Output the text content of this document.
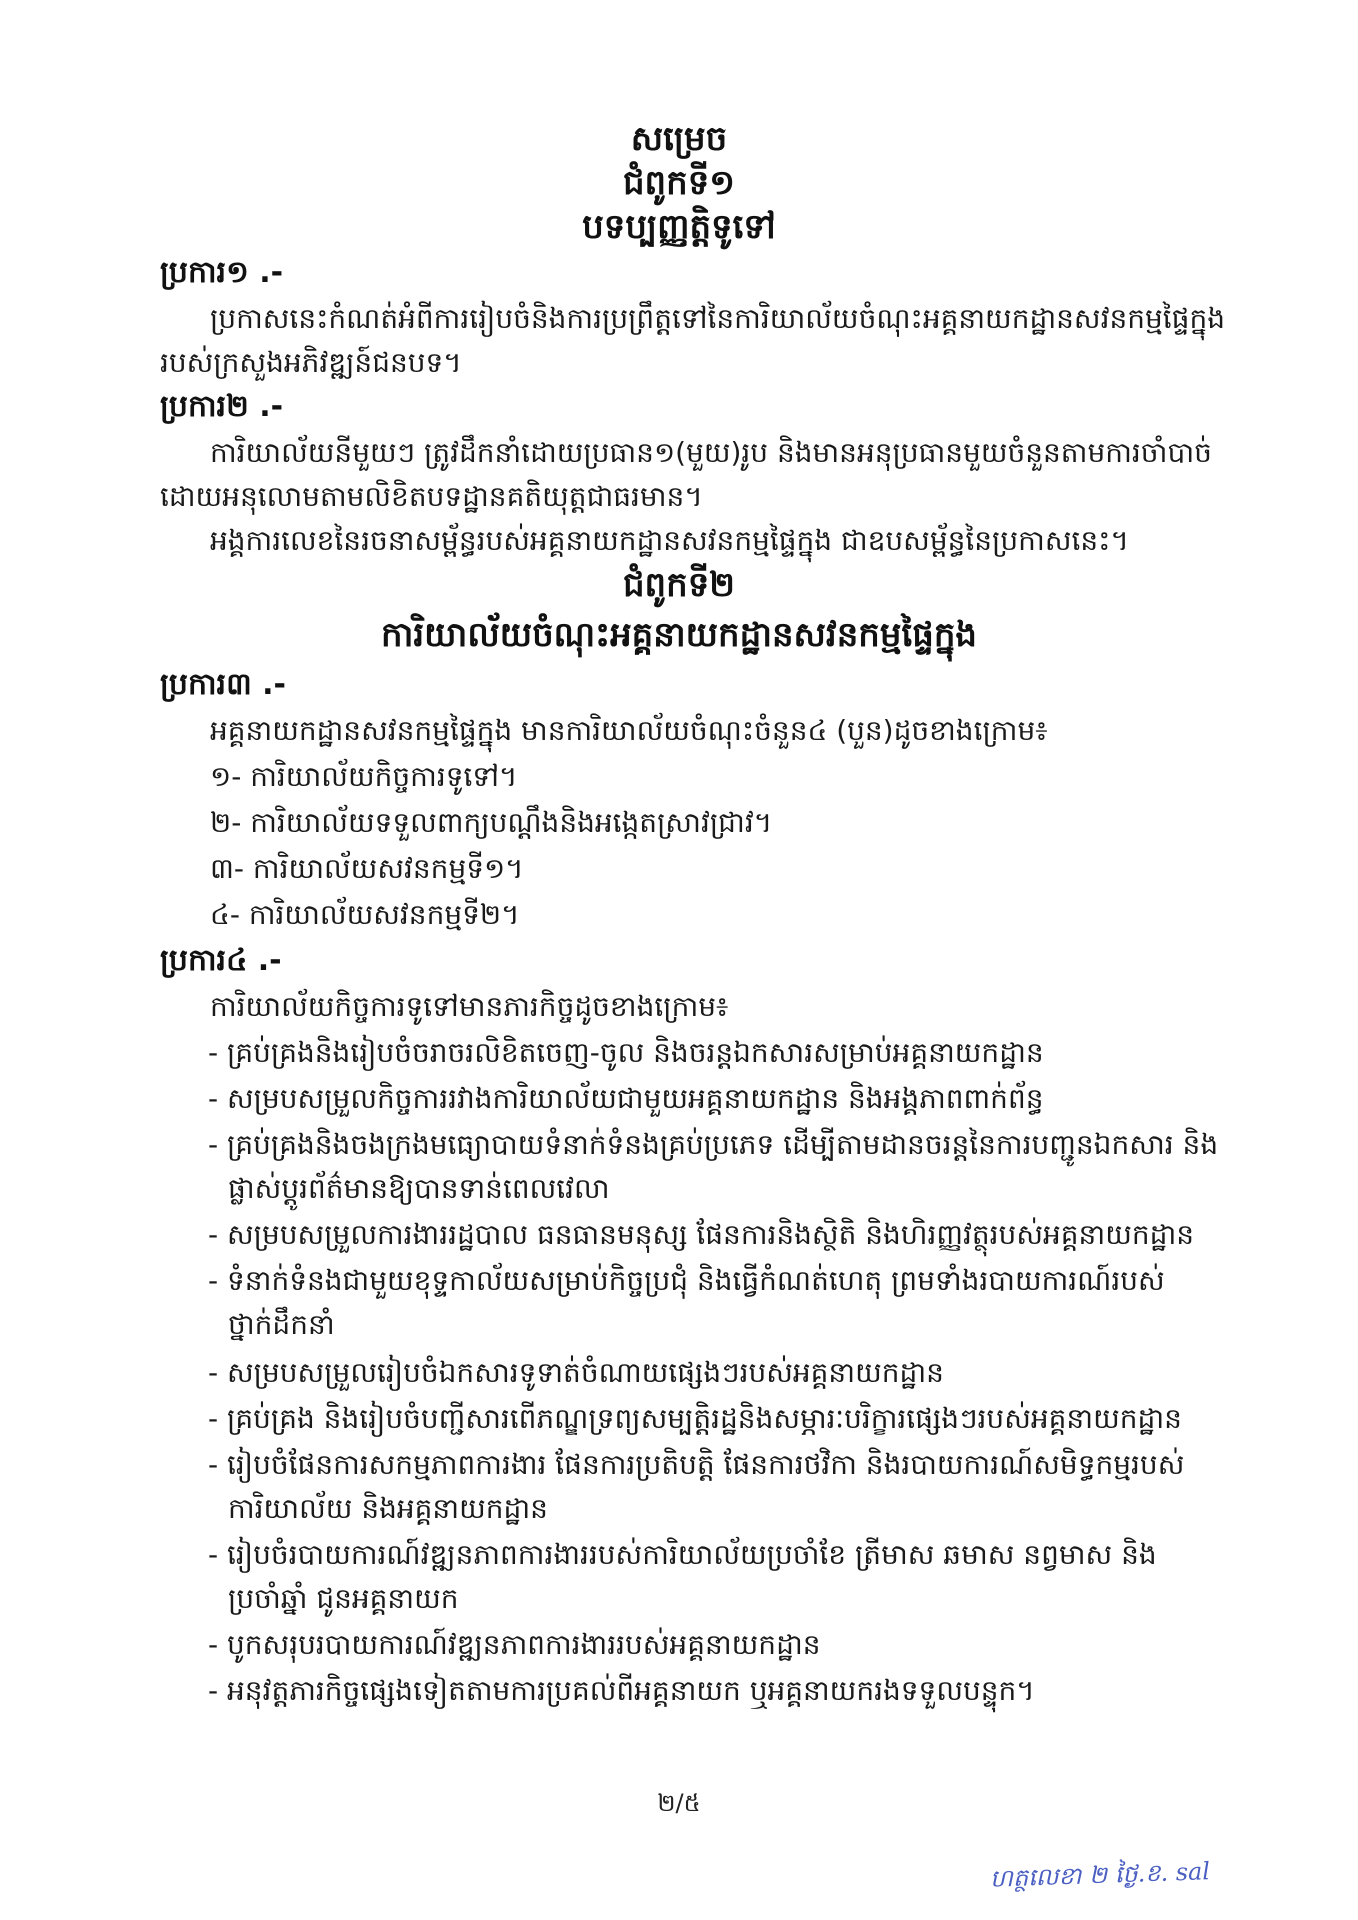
សម្រេច
ជំពូកទី១
បទប្បញ្ញត្តិទូទៅ
ប្រការ១ .-
ប្រកាសនេះកំណត់អំពីការរៀបចំនិងការប្រព្រឹត្តទៅនៃការិយាល័យចំណុះអគ្គនាយកដ្ឋានសវនកម្មផ្ទៃក្នុង
របស់ក្រសួងអភិវឌ្ឍន៍ជនបទ។
ប្រការ២ .-
ការិយាល័យនីមួយៗ ត្រូវដឹកនាំដោយប្រធាន១(មួយ)រូប និងមានអនុប្រធានមួយចំនួនតាមការចាំបាច់
ដោយអនុលោមតាមលិខិតបទដ្ឋានគតិយុត្តជាធរមាន។
អង្គការលេខនៃរចនាសម្ព័ន្ធរបស់អគ្គនាយកដ្ឋានសវនកម្មផ្ទៃក្នុង ជាឧបសម្ព័ន្ធនៃប្រកាសនេះ។
ជំពូកទី២
ការិយាល័យចំណុះអគ្គនាយកដ្ឋានសវនកម្មផ្ទៃក្នុង
ប្រការ៣ .-
អគ្គនាយកដ្ឋានសវនកម្មផ្ទៃក្នុង មានការិយាល័យចំណុះចំនួន៤ (បួន)ដូចខាងក្រោម៖
១- ការិយាល័យកិច្ចការទូទៅ។
២- ការិយាល័យទទួលពាក្យបណ្តឹងនិងអង្កេតស្រាវជ្រាវ។
៣- ការិយាល័យសវនកម្មទី១។
៤- ការិយាល័យសវនកម្មទី២។
ប្រការ៤ .-
ការិយាល័យកិច្ចការទូទៅមានភារកិច្ចដូចខាងក្រោម៖
- គ្រប់គ្រងនិងរៀបចំចរាចរលិខិតចេញ-ចូល និងចរន្តឯកសារសម្រាប់អគ្គនាយកដ្ឋាន
- សម្របសម្រួលកិច្ចការរវាងការិយាល័យជាមួយអគ្គនាយកដ្ឋាន និងអង្គភាពពាក់ព័ន្ធ
- គ្រប់គ្រងនិងចងក្រងមធ្យោបាយទំនាក់ទំនងគ្រប់ប្រភេទ ដើម្បីតាមដានចរន្តនៃការបញ្ជូនឯកសារ និង
ផ្លាស់ប្តូរព័ត៌មានឱ្យបានទាន់ពេលវេលា
- សម្របសម្រួលការងាររដ្ឋបាល ធនធានមនុស្ស ផែនការនិងស្ថិតិ និងហិរញ្ញវត្ថុរបស់អគ្គនាយកដ្ឋាន
- ទំនាក់ទំនងជាមួយខុទ្ទកាល័យសម្រាប់កិច្ចប្រជុំ និងធ្វើកំណត់ហេតុ ព្រមទាំងរបាយការណ៍របស់
ថ្នាក់ដឹកនាំ
- សម្របសម្រួលរៀបចំឯកសារទូទាត់ចំណាយផ្សេងៗរបស់អគ្គនាយកដ្ឋាន
- គ្រប់គ្រង និងរៀបចំបញ្ជីសារពើភណ្ឌទ្រព្យសម្បត្តិរដ្ឋនិងសម្ភារៈបរិក្ខារផ្សេងៗរបស់អគ្គនាយកដ្ឋាន
- រៀបចំផែនការសកម្មភាពការងារ ផែនការប្រតិបត្តិ ផែនការថវិកា និងរបាយការណ៍សមិទ្ធកម្មរបស់
ការិយាល័យ និងអគ្គនាយកដ្ឋាន
- រៀបចំរបាយការណ៍វឌ្ឍនភាពការងាររបស់ការិយាល័យប្រចាំខែ ត្រីមាស ឆមាស នព្វមាស និង
ប្រចាំឆ្នាំ ជូនអគ្គនាយក
- បូកសរុបរបាយការណ៍វឌ្ឍនភាពការងាររបស់អគ្គនាយកដ្ឋាន
- អនុវត្តភារកិច្ចផ្សេងទៀតតាមការប្រគល់ពីអគ្គនាយក ឬអគ្គនាយករងទទួលបន្ទុក។
២/៥
ហត្ថលេខា ២ ថ្ងៃ.ខ. sal
